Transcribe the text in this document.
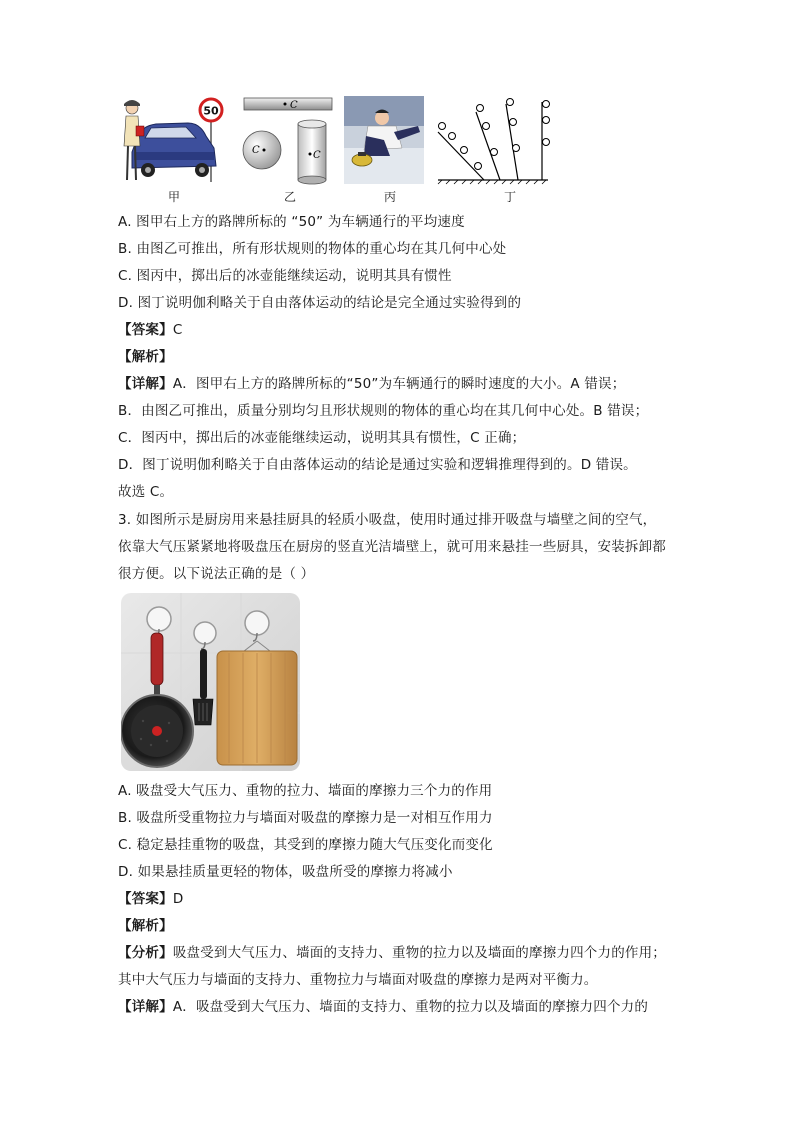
50
甲
C
C	C
乙	丙	丁
A. 图甲右上方的路牌所标的 “50” 为车辆通行的平均速度
B. 由图乙可推出，所有形状规则的物体的重心均在其几何中心处
C. 图丙中，掷出后的冰壶能继续运动，说明其具有惯性
D. 图丁说明伽利略关于自由落体运动的结论是完全通过实验得到的
【答案】C
【解析】
【详解】A．图甲右上方的路牌所标的“50”为车辆通行的瞬时速度的大小。A 错误；
B．由图乙可推出，质量分别均匀且形状规则的物体的重心均在其几何中心处。B 错误；
C．图丙中，掷出后的冰壶能继续运动，说明其具有惯性，C 正确；
D．图丁说明伽利略关于自由落体运动的结论是通过实验和逻辑推理得到的。D 错误。
故选 C。
3. 如图所示是厨房用来悬挂厨具的轻质小吸盘，使用时通过排开吸盘与墙壁之间的空气，
依靠大气压紧紧地将吸盘压在厨房的竖直光洁墙壁上，就可用来悬挂一些厨具，安装拆卸都
很方便。以下说法正确的是（ ）
A. 吸盘受大气压力、重物的拉力、墙面的摩擦力三个力的作用
B. 吸盘所受重物拉力与墙面对吸盘的摩擦力是一对相互作用力
C. 稳定悬挂重物的吸盘，其受到的摩擦力随大气压变化而变化
D. 如果悬挂质量更轻的物体，吸盘所受的摩擦力将减小
【答案】D
【解析】
【分析】吸盘受到大气压力、墙面的支持力、重物的拉力以及墙面的摩擦力四个力的作用；
其中大气压力与墙面的支持力、重物拉力与墙面对吸盘的摩擦力是两对平衡力。
【详解】A．吸盘受到大气压力、墙面的支持力、重物的拉力以及墙面的摩擦力四个力的
